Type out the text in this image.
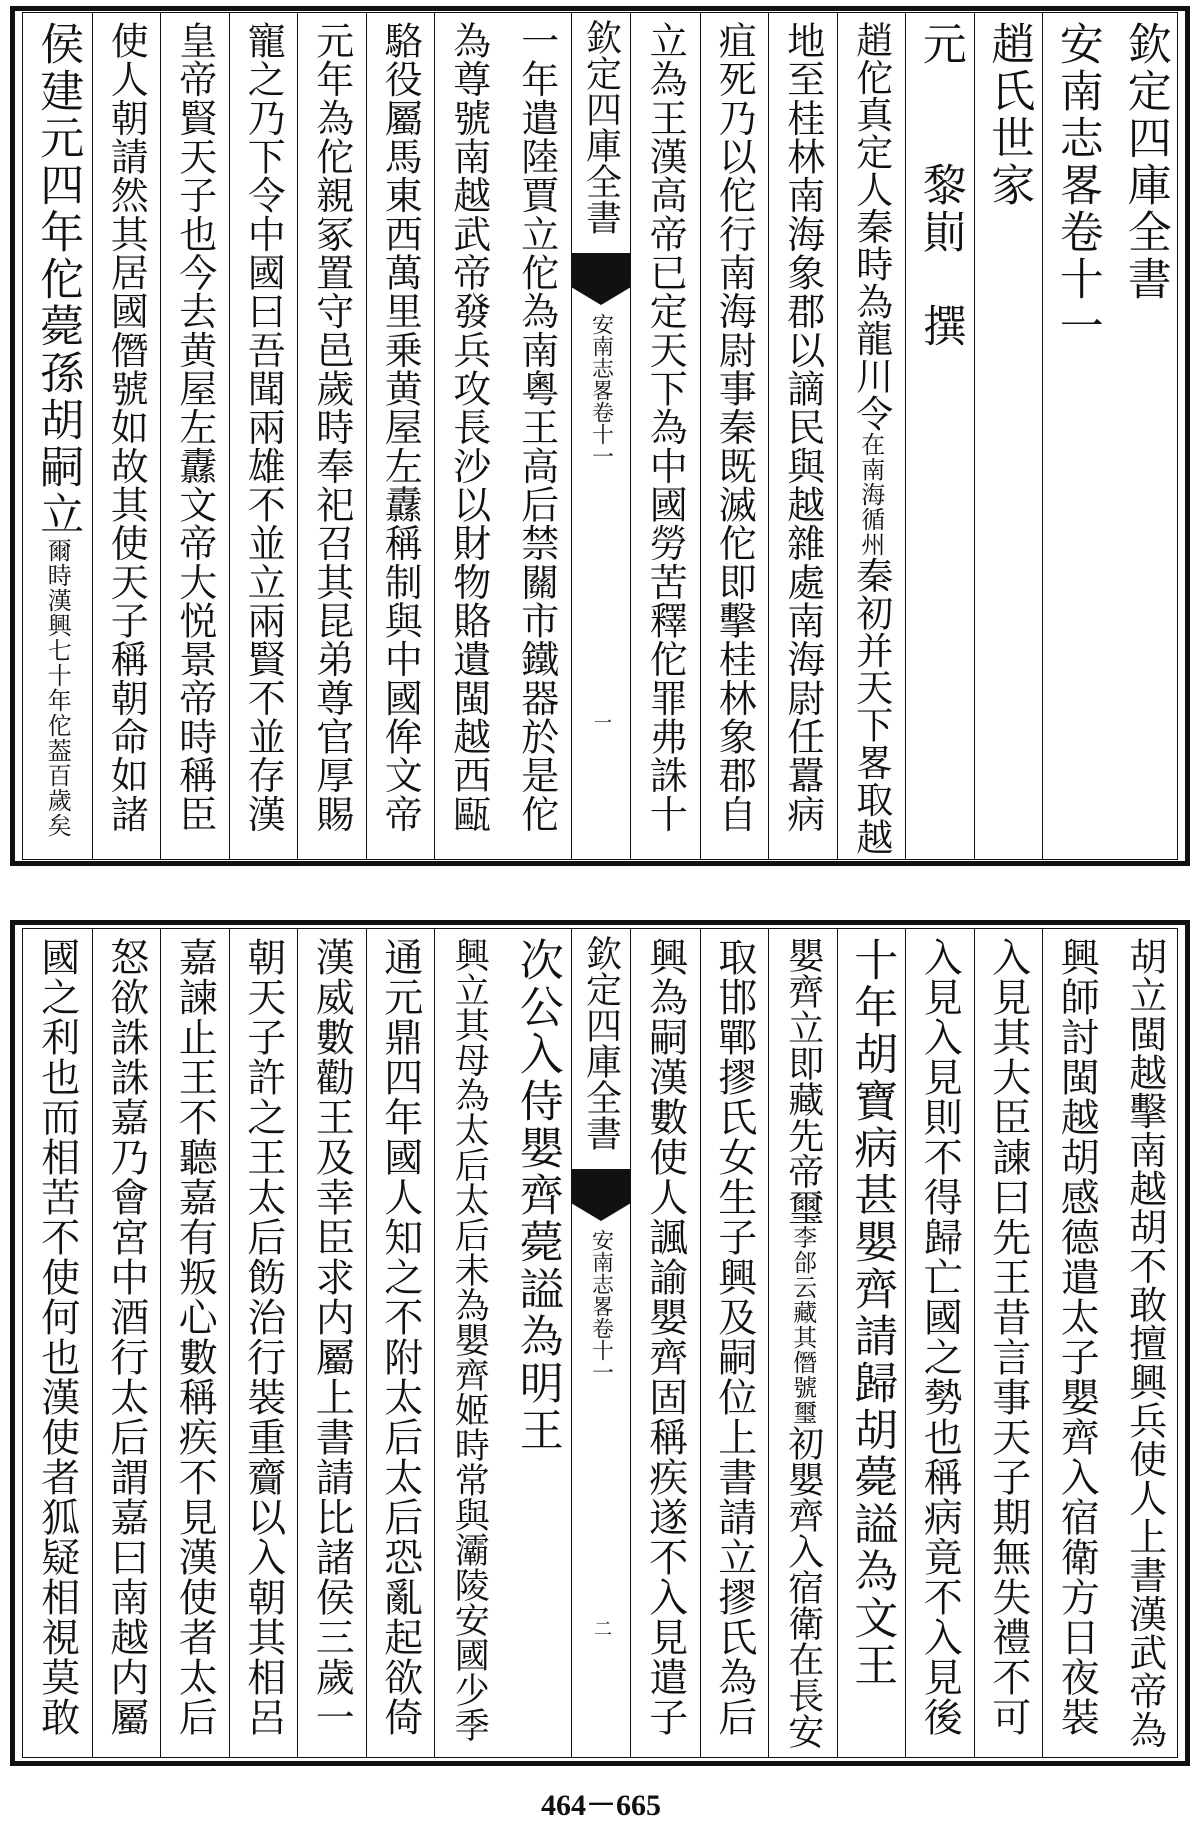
一年遣陸賈立佗為南粵王高后禁關市鐵器於是佗
為尊號南越武帝發兵攻長沙以財物賂遺閩越西甌
駱役屬馬東西萬里乗黄屋左纛稱制與中國侔文帝
元年為佗親冢置守邑歲時奉祀召其昆弟尊官厚賜
寵之乃下令中國曰吾聞兩雄不並立兩賢不並存漢
皇帝賢天子也今去黄屋左纛文帝大悦景帝時稱臣
使人朝請然其居國僭號如故其使天子稱朝命如諸
侯建元四年佗薨孫胡嗣立爾時漢興七十年佗葢百歲矣
欽定四庫全書
安南志畧卷十一
一
欽定四庫全書
安南志畧卷十一
趙氏世家
元　　黎崱　撰
趙佗真定人秦時為龍川令在南海循州秦初并天下畧取越
地至桂林南海象郡以謫民與越雜處南海尉任囂病
疽死乃以佗行南海尉事秦既滅佗即擊桂林象郡自
立為王漢高帝已定天下為中國勞苦釋佗罪弗誅十
次公入侍嬰齊薨謚為明王
興立其母為太后太后未為嬰齊姬時常與灞陵安國少季
通元鼎四年國人知之不附太后太后恐亂起欲倚
漢威數勸王及幸臣求内屬上書請比諸侯三歲一
朝天子許之王太后飭治行裝重齎以入朝其相呂
嘉諫止王不聽嘉有叛心數稱疾不見漢使者太后
怒欲誅誅嘉乃會宮中酒行太后謂嘉曰南越内屬
國之利也而相苦不使何也漢使者狐疑相視莫敢	欽定四庫全書
安南志畧卷十一
二	胡立閩越擊南越胡不敢擅興兵使人上書漢武帝為
興師討閩越胡感德遣太子嬰齊入宿衛方日夜裝
入見其大臣諫曰先王昔言事天子期無失禮不可
入見入見則不得歸亡國之勢也稱病竟不入見後
十年胡寶病甚嬰齊請歸胡薨謚為文王
嬰齊立即藏先帝璽李郃云藏其僭號璽初嬰齊入宿衛在長安
取邯鄲摎氏女生子興及嗣位上書請立摎氏為后
興為嗣漢數使人諷諭嬰齊固稱疾遂不入見遣子
464－665
